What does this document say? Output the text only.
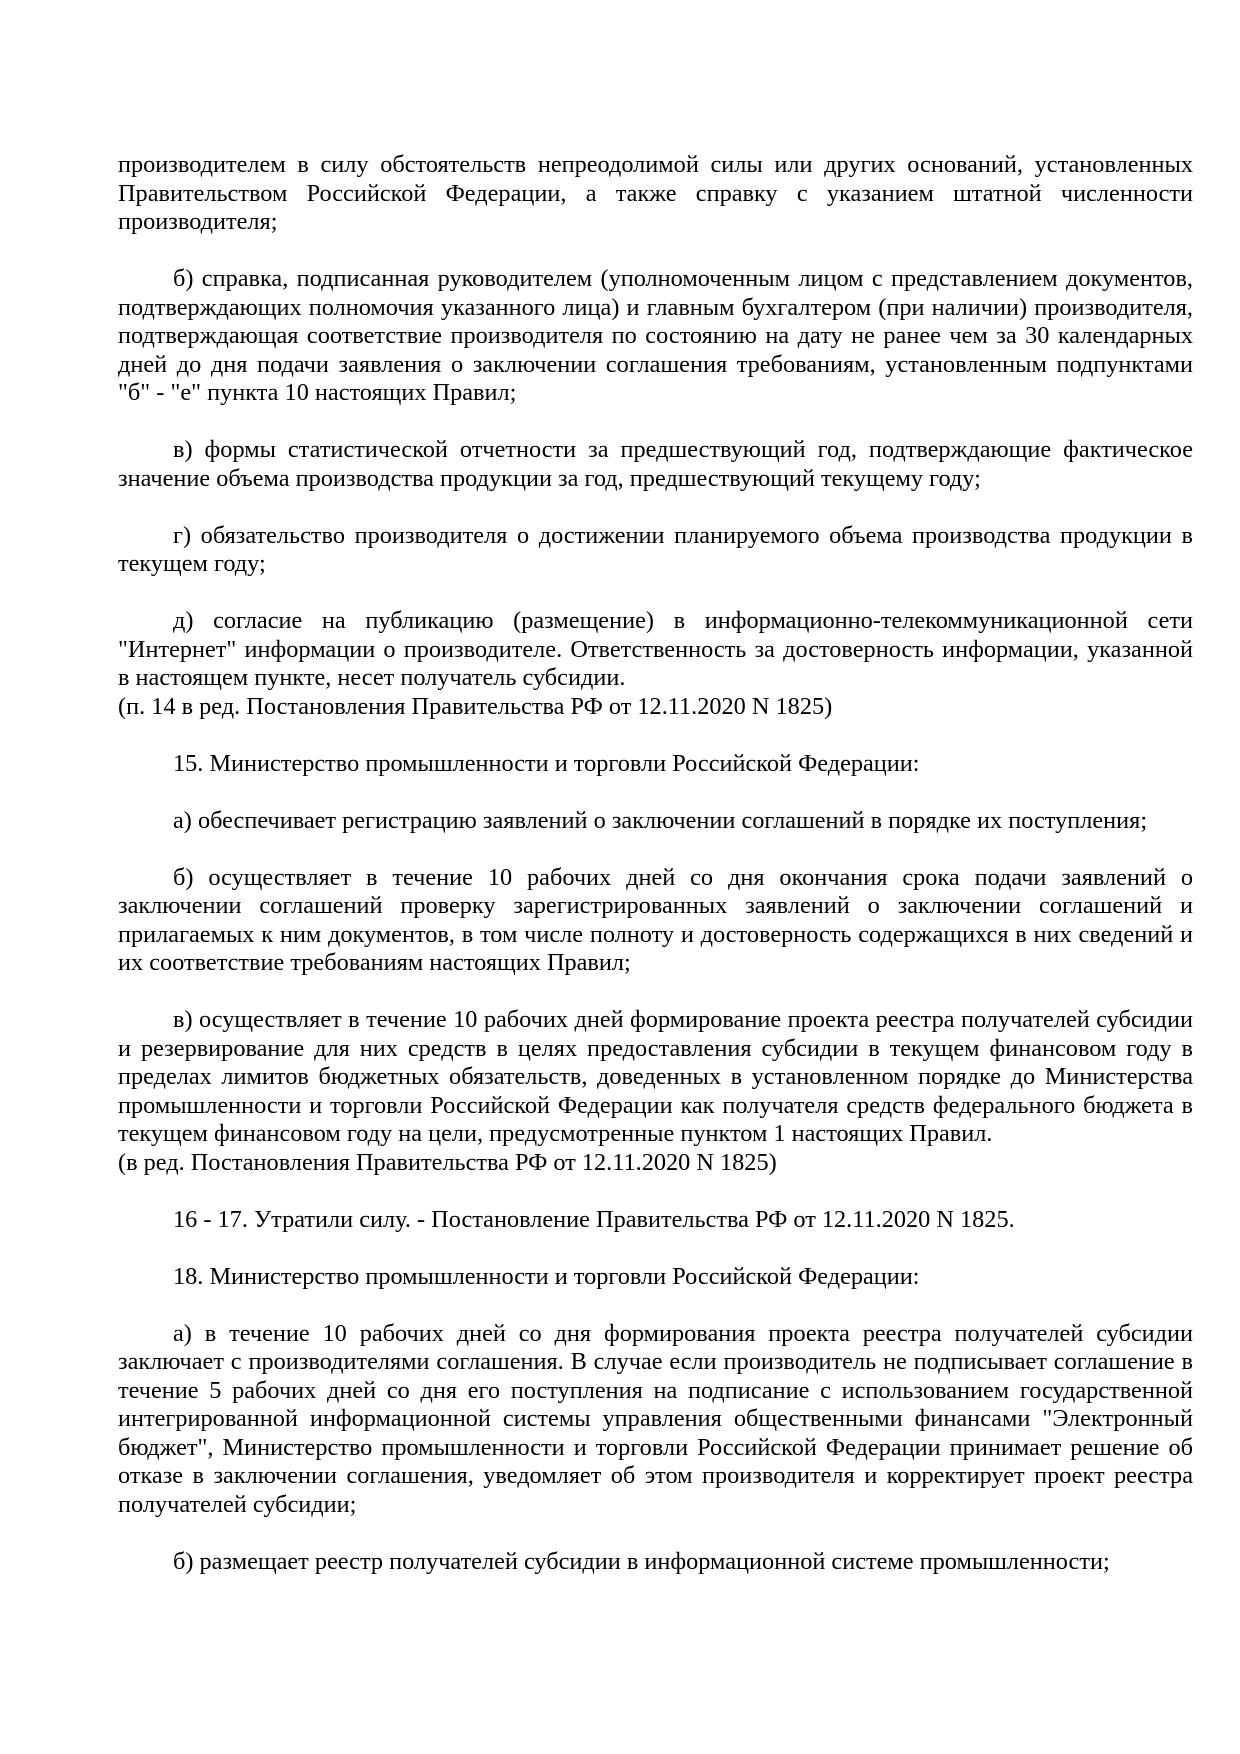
производителем в силу обстоятельств непреодолимой силы или других оснований, установленных Правительством Российской Федерации, а также справку с указанием штатной численности производителя;

б) справка, подписанная руководителем (уполномоченным лицом с представлением документов, подтверждающих полномочия указанного лица) и главным бухгалтером (при наличии) производителя, подтверждающая соответствие производителя по состоянию на дату не ранее чем за 30 календарных дней до дня подачи заявления о заключении соглашения требованиям, установленным подпунктами "б" - "е" пункта 10 настоящих Правил;

в) формы статистической отчетности за предшествующий год, подтверждающие фактическое значение объема производства продукции за год, предшествующий текущему году;

г) обязательство производителя о достижении планируемого объема производства продукции в текущем году;

д) согласие на публикацию (размещение) в информационно-телекоммуникационной сети "Интернет" информации о производителе. Ответственность за достоверность информации, указанной в настоящем пункте, несет получатель субсидии.

(п. 14 в ред. Постановления Правительства РФ от 12.11.2020 N 1825)

15. Министерство промышленности и торговли Российской Федерации:

а) обеспечивает регистрацию заявлений о заключении соглашений в порядке их поступления;

б) осуществляет в течение 10 рабочих дней со дня окончания срока подачи заявлений о заключении соглашений проверку зарегистрированных заявлений о заключении соглашений и прилагаемых к ним документов, в том числе полноту и достоверность содержащихся в них сведений и их соответствие требованиям настоящих Правил;

в) осуществляет в течение 10 рабочих дней формирование проекта реестра получателей субсидии и резервирование для них средств в целях предоставления субсидии в текущем финансовом году в пределах лимитов бюджетных обязательств, доведенных в установленном порядке до Министерства промышленности и торговли Российской Федерации как получателя средств федерального бюджета в текущем финансовом году на цели, предусмотренные пунктом 1 настоящих Правил.

(в ред. Постановления Правительства РФ от 12.11.2020 N 1825)

16 - 17. Утратили силу. - Постановление Правительства РФ от 12.11.2020 N 1825.

18. Министерство промышленности и торговли Российской Федерации:

а) в течение 10 рабочих дней со дня формирования проекта реестра получателей субсидии заключает с производителями соглашения. В случае если производитель не подписывает соглашение в течение 5 рабочих дней со дня его поступления на подписание с использованием государственной интегрированной информационной системы управления общественными финансами "Электронный бюджет", Министерство промышленности и торговли Российской Федерации принимает решение об отказе в заключении соглашения, уведомляет об этом производителя и корректирует проект реестра получателей субсидии;

б) размещает реестр получателей субсидии в информационной системе промышленности;
